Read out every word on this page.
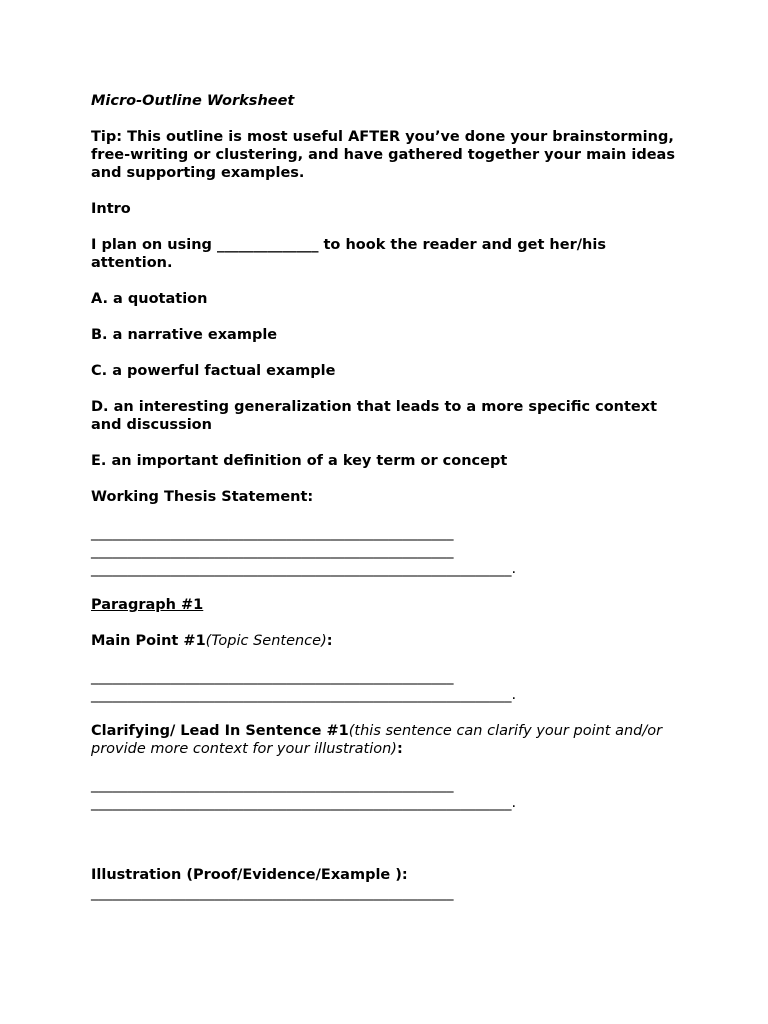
Micro-Outline Worksheet

Tip: This outline is most useful AFTER you’ve done your brainstorming, free-writing or clustering, and have gathered together your main ideas and supporting examples.

Intro

I plan on using ______________ to hook the reader and get her/his attention.

A. a quotation

B. a narrative example

C. a powerful factual example

D. an interesting generalization that leads to a more specific context and discussion

E. an important definition of a key term or concept

Working Thesis Statement:

__________________________________________________
__________________________________________________
__________________________________________________________.

Paragraph #1

Main Point #1(Topic Sentence):

__________________________________________________
__________________________________________________________.

Clarifying/ Lead In Sentence #1(this sentence can clarify your point and/or provide more context for your illustration):

__________________________________________________
__________________________________________________________.

Illustration (Proof/Evidence/Example ):

__________________________________________________
